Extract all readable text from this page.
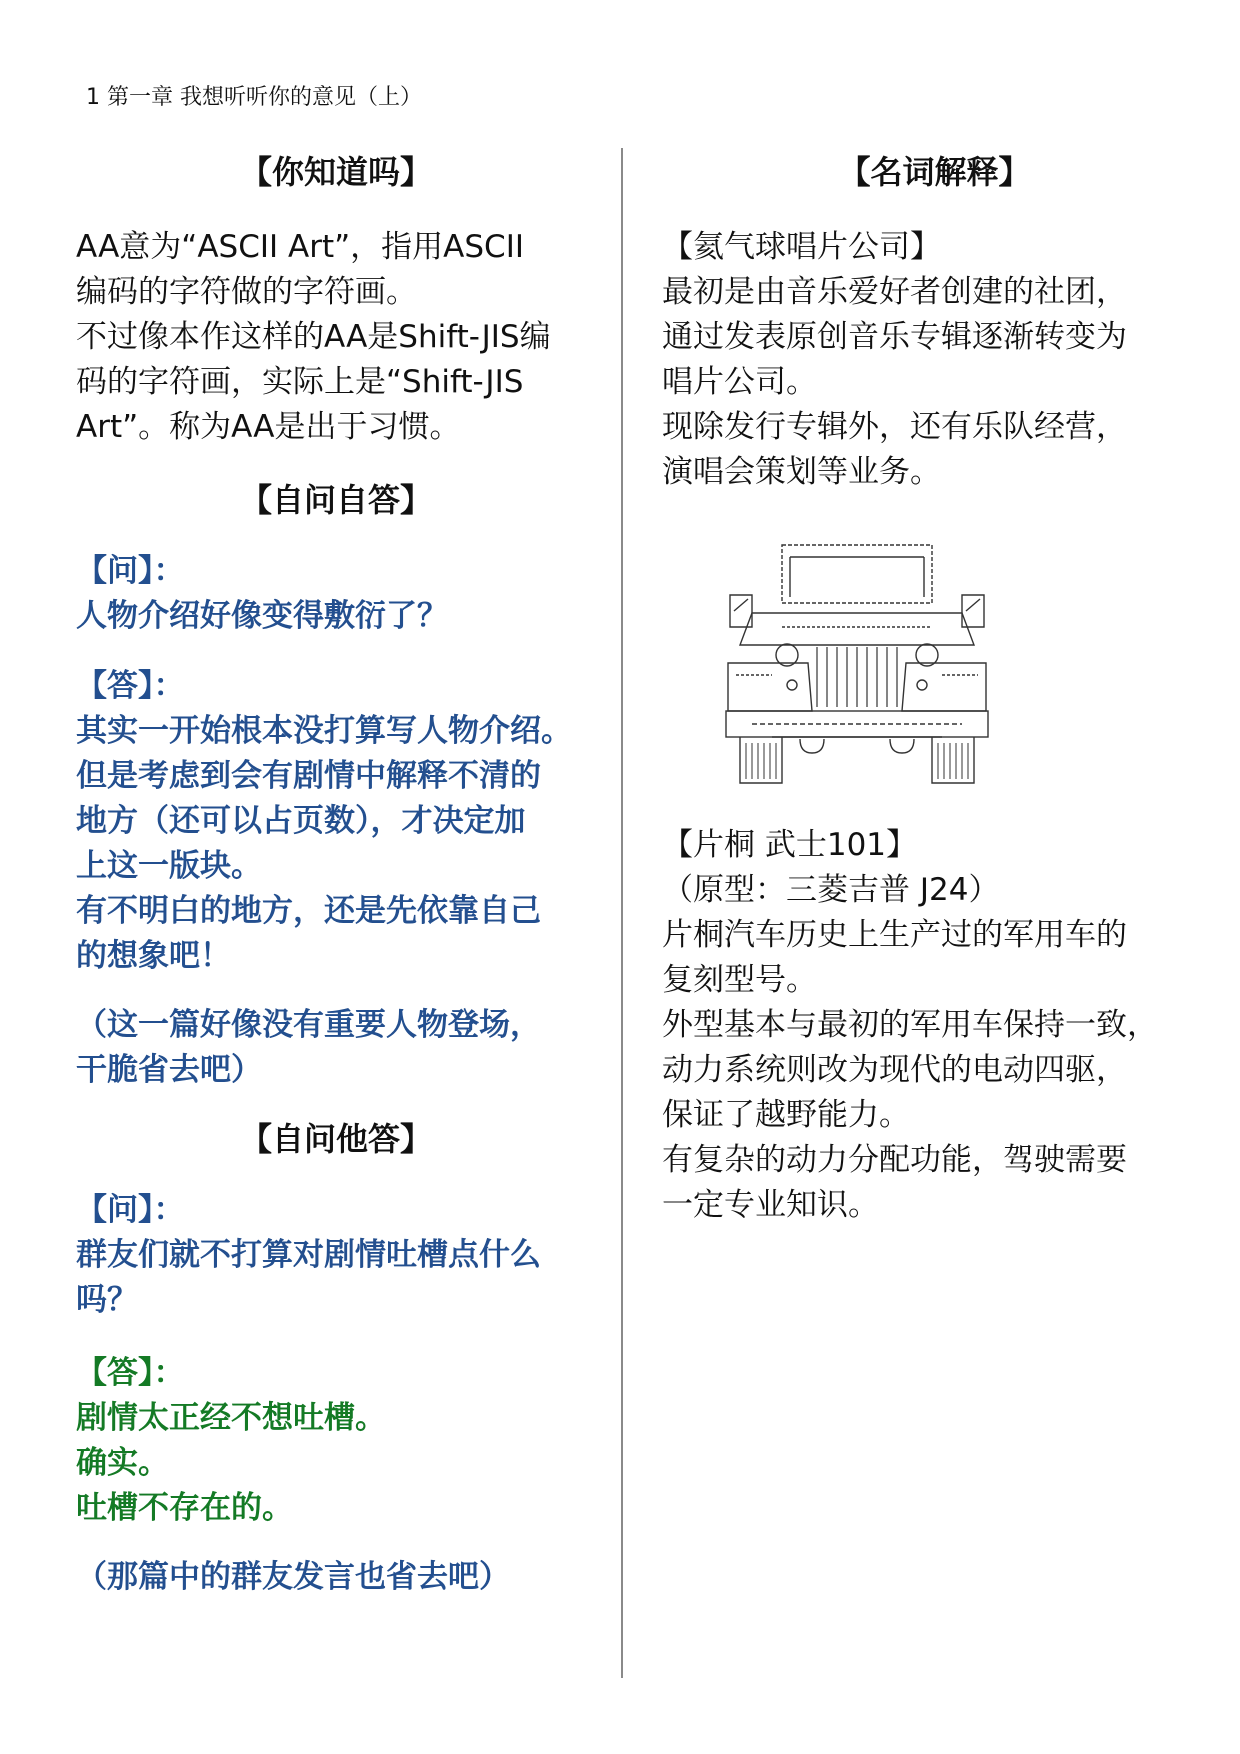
1 第一章 我想听听你的意见（上）
【你知道吗】

AA意为“ASCII Art”，指用ASCII
编码的字符做的字符画。
不过像本作这样的AA是Shift-JIS编
码的字符画，实际上是“Shift-JIS
Art”。称为AA是出于习惯。

【自问自答】

【问】：

人物介绍好像变得敷衍了？

【答】：

其实一开始根本没打算写人物介绍。
但是考虑到会有剧情中解释不清的
地方（还可以占页数），才决定加
上这一版块。
有不明白的地方，还是先依靠自己
的想象吧！

（这一篇好像没有重要人物登场，
干脆省去吧）

【自问他答】

【问】：

群友们就不打算对剧情吐槽点什么
吗？

【答】：

剧情太正经不想吐槽。
确实。
吐槽不存在的。

（那篇中的群友发言也省去吧）

【名词解释】

【氦气球唱片公司】

最初是由音乐爱好者创建的社团，
通过发表原创音乐专辑逐渐转变为
唱片公司。
现除发行专辑外，还有乐队经营，
演唱会策划等业务。

【片桐 武士101】

（原型：三菱吉普 J24）

片桐汽车历史上生产过的军用车的
复刻型号。
外型基本与最初的军用车保持一致，
动力系统则改为现代的电动四驱，
保证了越野能力。
有复杂的动力分配功能，驾驶需要
一定专业知识。
